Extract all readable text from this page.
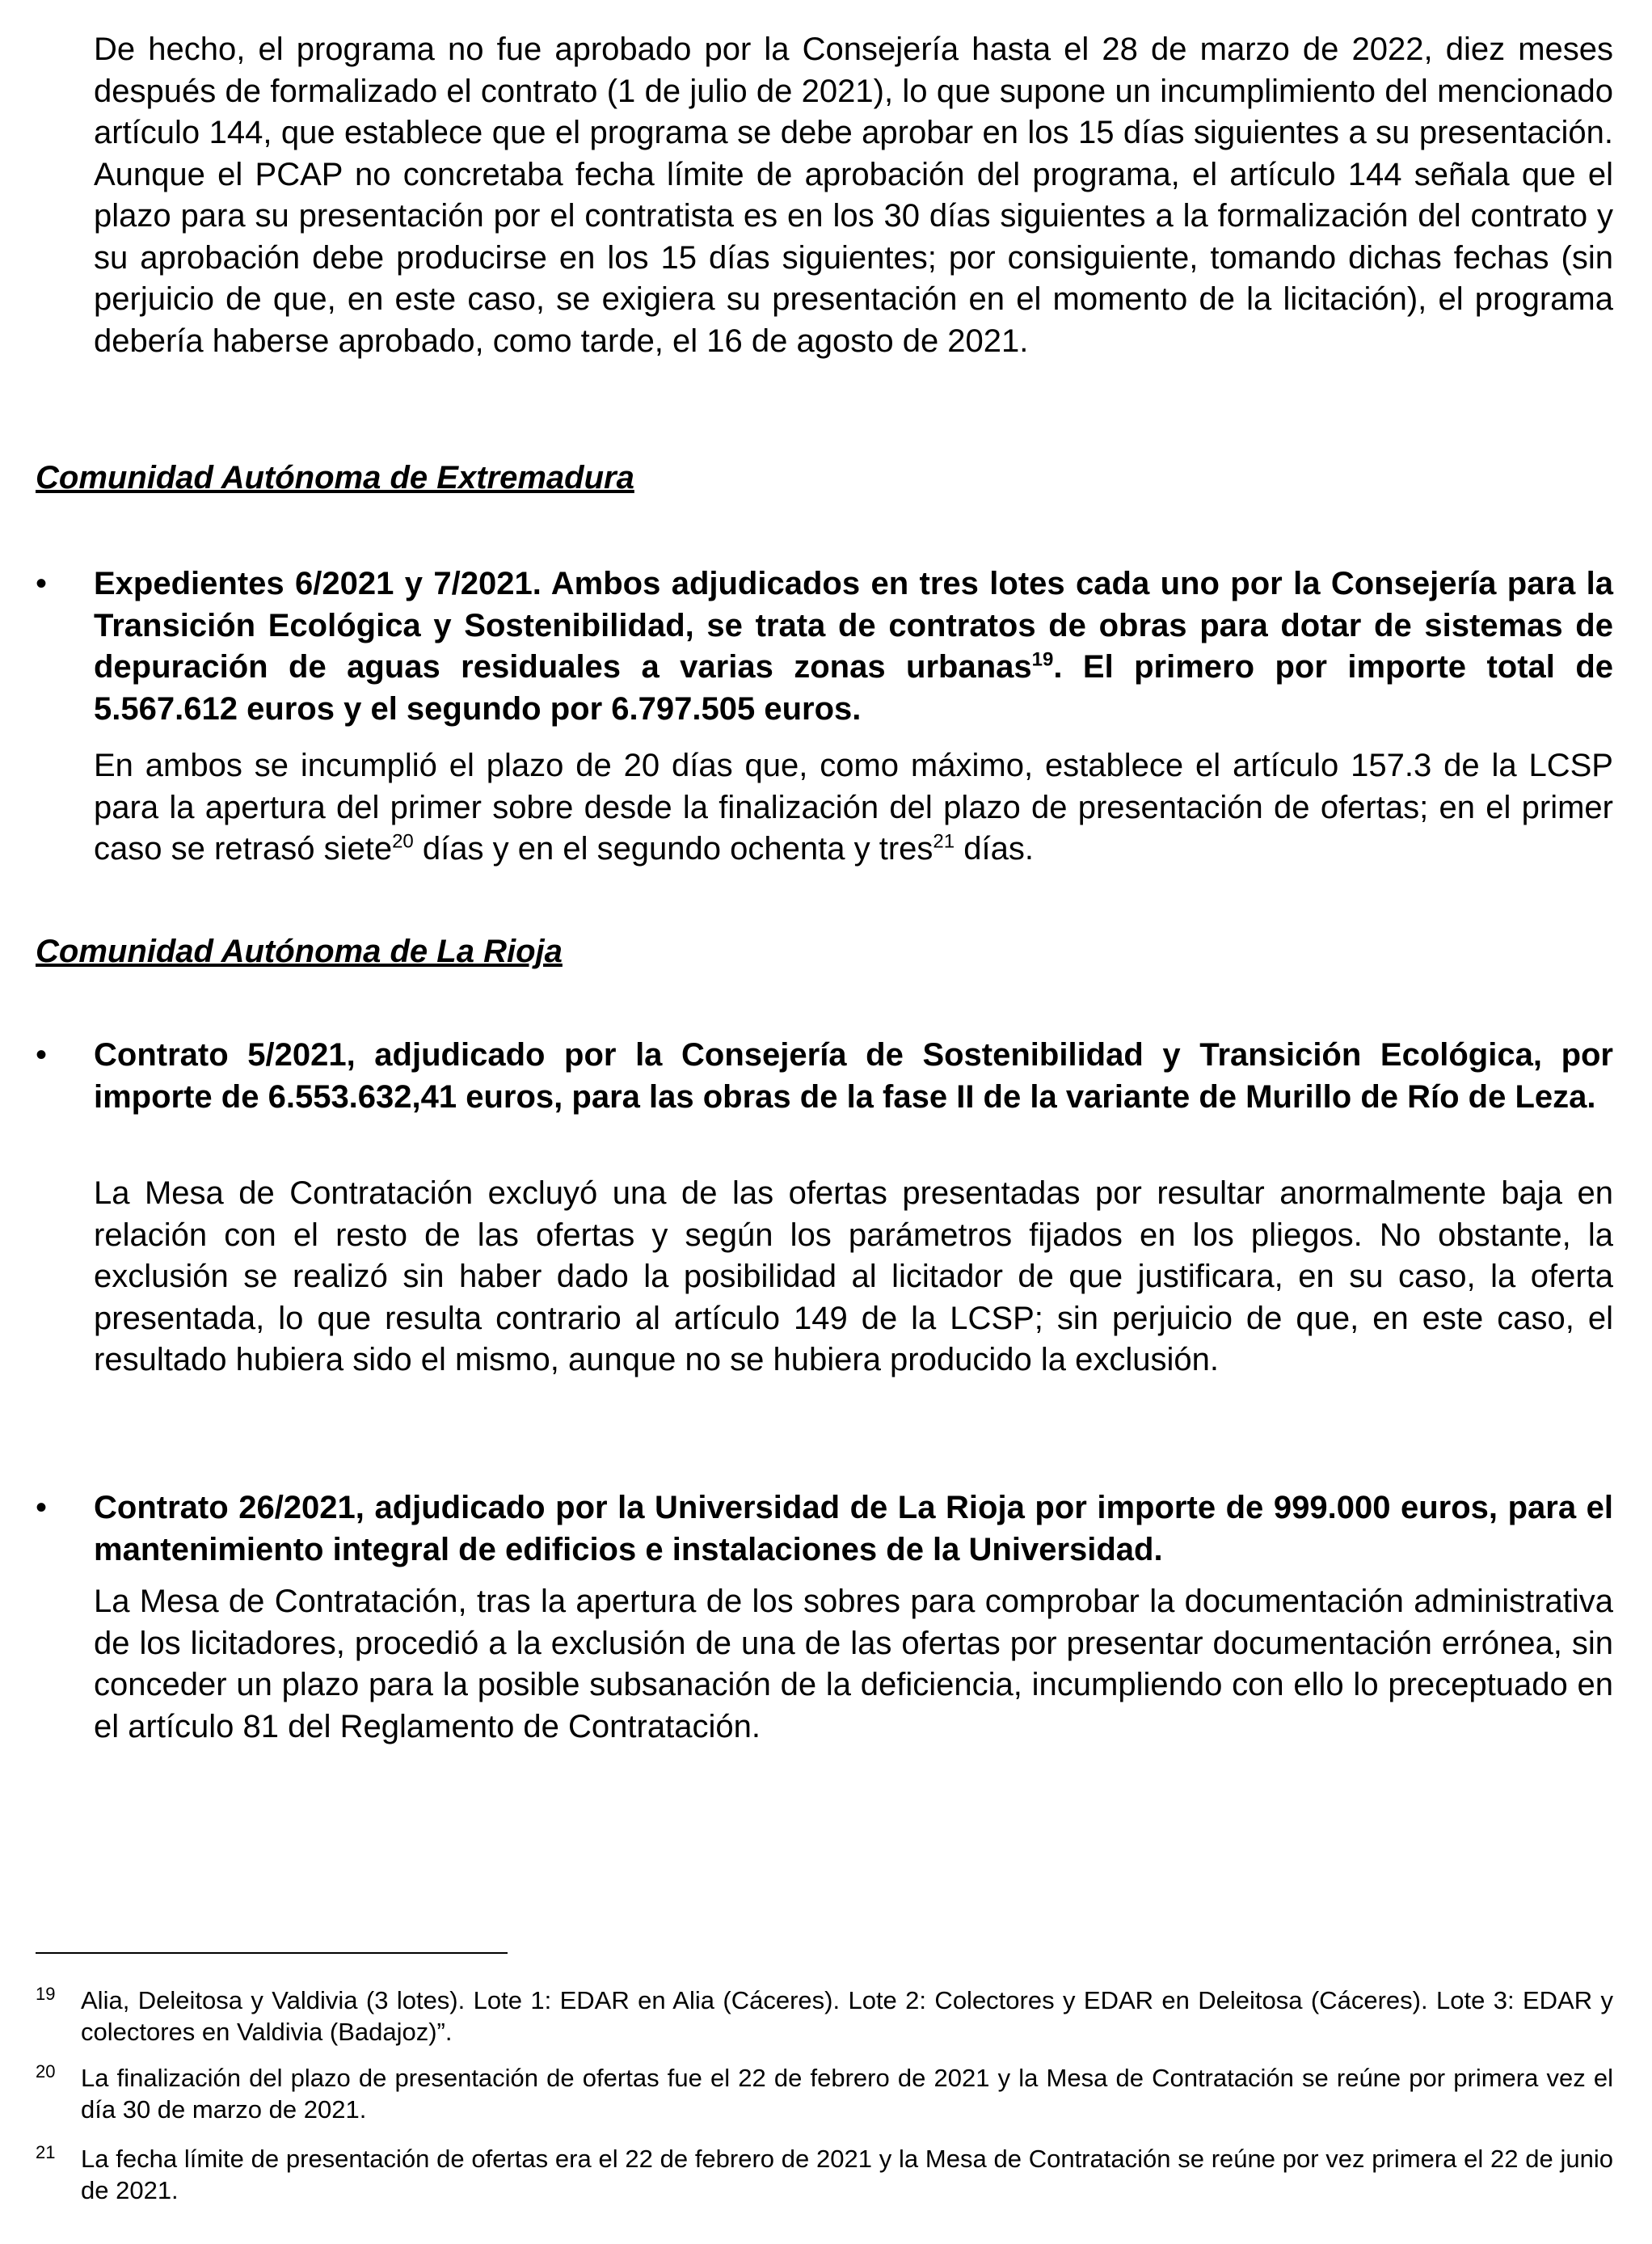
De hecho, el programa no fue aprobado por la Consejería hasta el 28 de marzo de 2022, diez meses después de formalizado el contrato (1 de julio de 2021), lo que supone un incumplimiento del mencionado artículo 144, que establece que el programa se debe aprobar en los 15 días siguientes a su presentación. Aunque el PCAP no concretaba fecha límite de aprobación del programa, el artículo 144 señala que el plazo para su presentación por el contratista es en los 30 días siguientes a la formalización del contrato y su aprobación debe producirse en los 15 días siguientes; por consiguiente, tomando dichas fechas (sin perjuicio de que, en este caso, se exigiera su presentación en el momento de la licitación), el programa debería haberse aprobado, como tarde, el 16 de agosto de 2021.

Comunidad Autónoma de Extremadura
• Expedientes 6/2021 y 7/2021. Ambos adjudicados en tres lotes cada uno por la Consejería para la Transición Ecológica y Sostenibilidad, se trata de contratos de obras para dotar de sistemas de depuración de aguas residuales a varias zonas urbanas$^{19}$. El primero por importe total de 5.567.612 euros y el segundo por 6.797.505 euros.

En ambos se incumplió el plazo de 20 días que, como máximo, establece el artículo 157.3 de la LCSP para la apertura del primer sobre desde la finalización del plazo de presentación de ofertas; en el primer caso se retrasó siete$^{20}$ días y en el segundo ochenta y tres$^{21}$ días.

Comunidad Autónoma de La Rioja
• Contrato 5/2021, adjudicado por la Consejería de Sostenibilidad y Transición Ecológica, por importe de 6.553.632,41 euros, para las obras de la fase II de la variante de Murillo de Río de Leza.

La Mesa de Contratación excluyó una de las ofertas presentadas por resultar anormalmente baja en relación con el resto de las ofertas y según los parámetros fijados en los pliegos. No obstante, la exclusión se realizó sin haber dado la posibilidad al licitador de que justificara, en su caso, la oferta presentada, lo que resulta contrario al artículo 149 de la LCSP; sin perjuicio de que, en este caso, el resultado hubiera sido el mismo, aunque no se hubiera producido la exclusión.

• Contrato 26/2021, adjudicado por la Universidad de La Rioja por importe de 999.000 euros, para el mantenimiento integral de edificios e instalaciones de la Universidad.

La Mesa de Contratación, tras la apertura de los sobres para comprobar la documentación administrativa de los licitadores, procedió a la exclusión de una de las ofertas por presentar documentación errónea, sin conceder un plazo para la posible subsanación de la deficiencia, incumpliendo con ello lo preceptuado en el artículo 81 del Reglamento de Contratación.

19 Alia, Deleitosa y Valdivia (3 lotes). Lote 1: EDAR en Alia (Cáceres). Lote 2: Colectores y EDAR en Deleitosa (Cáceres). Lote 3: EDAR y colectores en Valdivia (Badajoz)”.
20 La finalización del plazo de presentación de ofertas fue el 22 de febrero de 2021 y la Mesa de Contratación se reúne por primera vez el día 30 de marzo de 2021.
21 La fecha límite de presentación de ofertas era el 22 de febrero de 2021 y la Mesa de Contratación se reúne por vez primera el 22 de junio de 2021.
